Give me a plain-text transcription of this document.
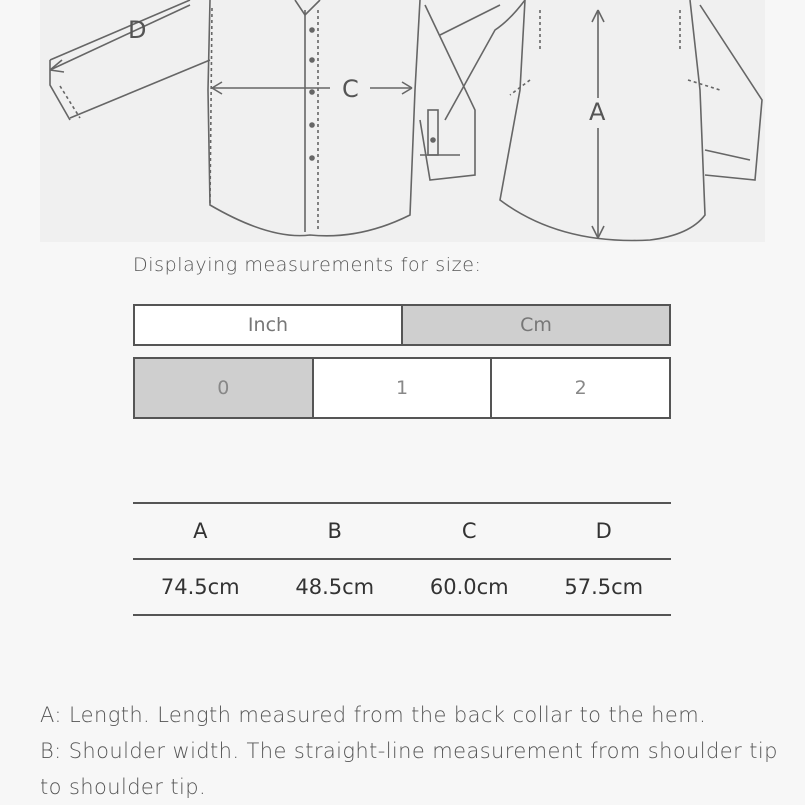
D
C
A
Displaying measurements for size:
Inch	Cm
0	1	2
A	B	C	D
74.5cm	48.5cm	60.0cm	57.5cm

A: Length. Length measured from the back collar to the hem.

B: Shoulder width. The straight-line measurement from shoulder tip

to shoulder tip.
